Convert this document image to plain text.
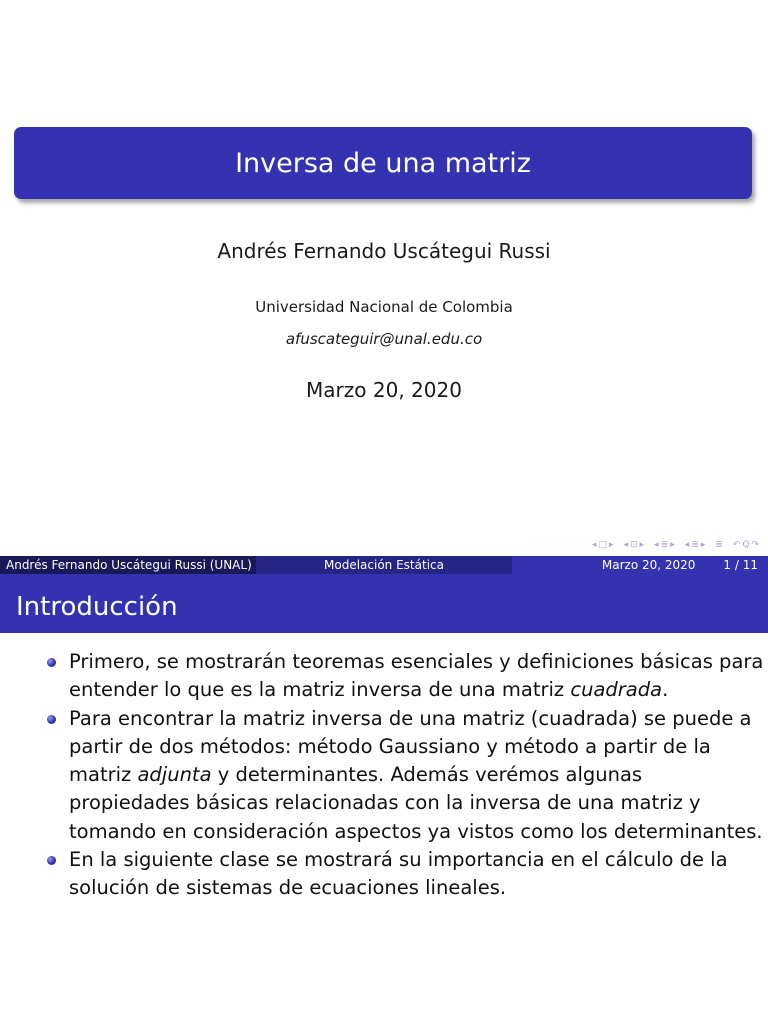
Inversa de una matriz
Andrés Fernando Uscátegui Russi
Universidad Nacional de Colombia
afuscateguir@unal.edu.co
Marzo 20, 2020
◂ □ ▸ ◂ ⊡ ▸ ◂ ≣ ▸ ◂ ≣ ▸ ≣ ↶ Q ↷
Andrés Fernando Uscátegui Russi (UNAL)	Modelación Estática	Marzo 20, 2020 1 / 11
Introducción
Primero, se mostrarán teoremas esenciales y definiciones básicas para
entender lo que es la matriz inversa de una matriz cuadrada.
Para encontrar la matriz inversa de una matriz (cuadrada) se puede a
partir de dos métodos: método Gaussiano y método a partir de la
matriz adjunta y determinantes. Además verémos algunas
propiedades básicas relacionadas con la inversa de una matriz y
tomando en consideración aspectos ya vistos como los determinantes.
En la siguiente clase se mostrará su importancia en el cálculo de la
solución de sistemas de ecuaciones lineales.
